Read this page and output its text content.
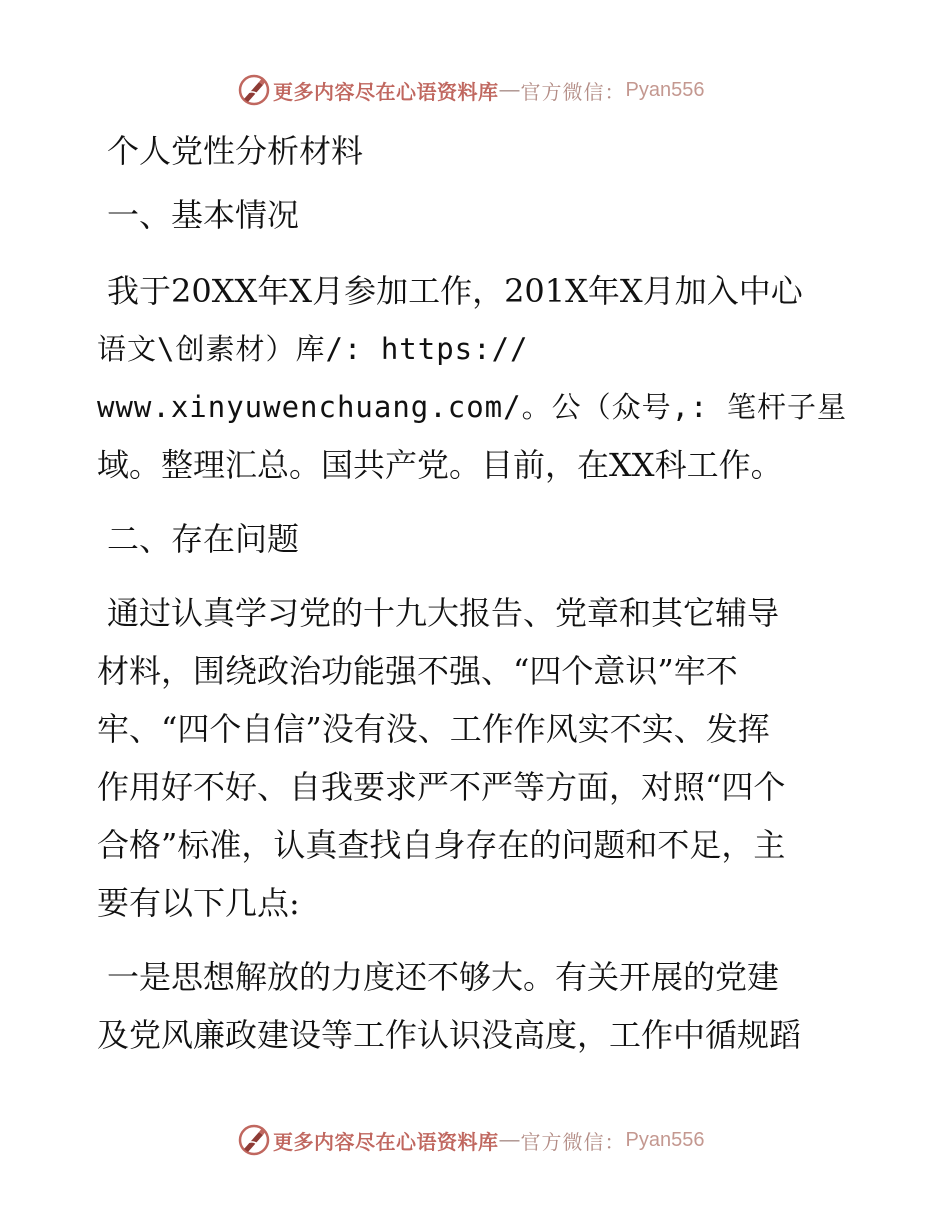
更多内容尽在心语资料库 — 官方微信： Pyan556
个人党性分析材料
一、基本情况
我于20XX年X月参加工作，201X年X月加入中心
语文\创素材）库/: https://
www.xinyuwenchuang.com/。公（众号,: 笔杆子星
域。整理汇总。国共产党。目前，在XX科工作。
二、存在问题
通过认真学习党的十九大报告、党章和其它辅导
材料，围绕政治功能强不强、“四个意识”牢不
牢、“四个自信”没有没、工作作风实不实、发挥
作用好不好、自我要求严不严等方面，对照“四个
合格”标准，认真查找自身存在的问题和不足，主
要有以下几点:
一是思想解放的力度还不够大。有关开展的党建
及党风廉政建设等工作认识没高度，工作中循规蹈
更多内容尽在心语资料库 — 官方微信： Pyan556
